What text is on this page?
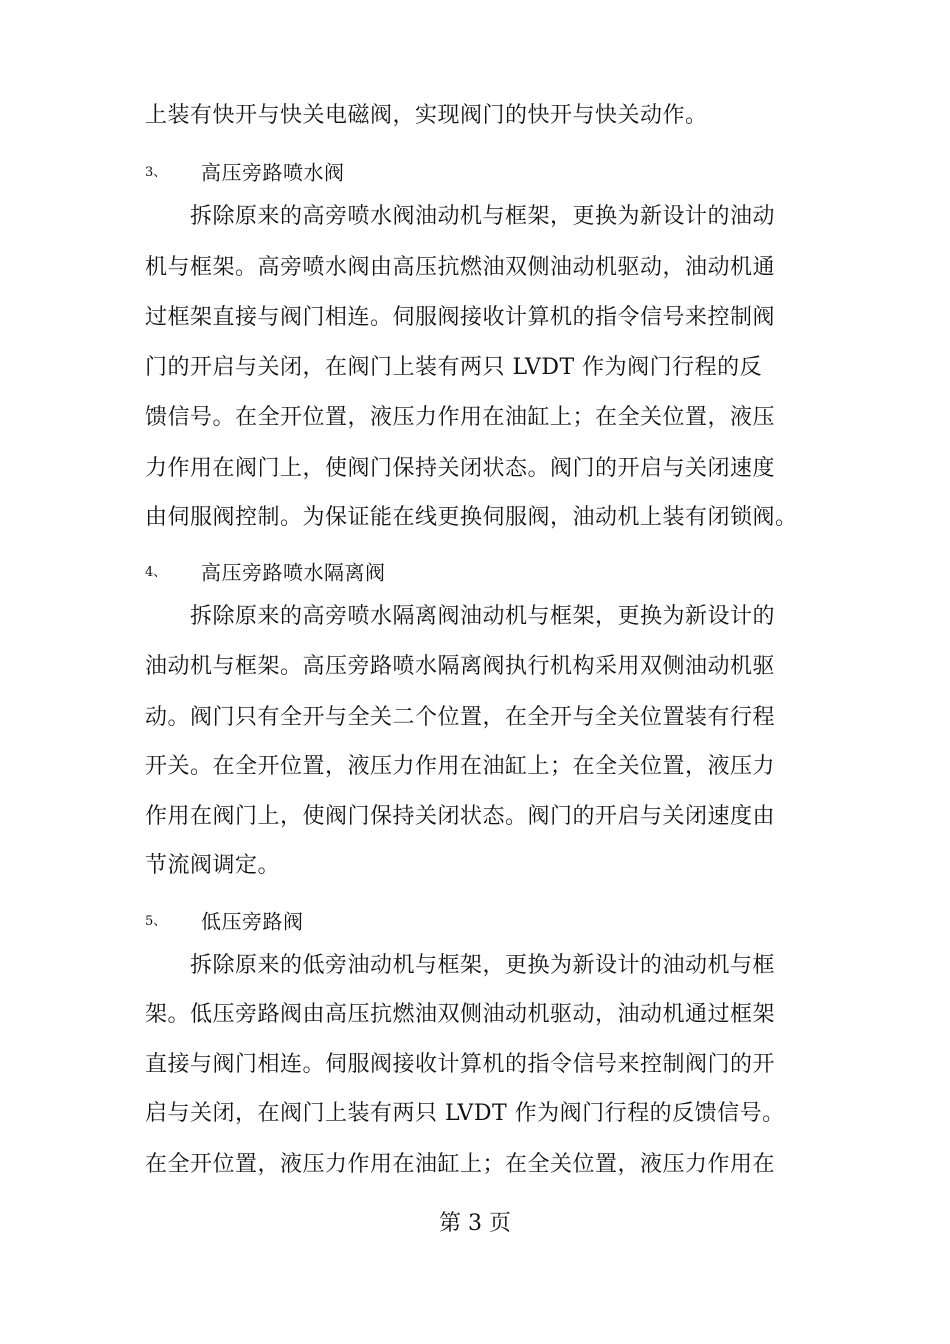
上装有快开与快关电磁阀，实现阀门的快开与快关动作。
3、 高压旁路喷水阀
拆除原来的高旁喷水阀油动机与框架，更换为新设计的油动
机与框架。高旁喷水阀由高压抗燃油双侧油动机驱动，油动机通
过框架直接与阀门相连。伺服阀接收计算机的指令信号来控制阀
门的开启与关闭，在阀门上装有两只 LVDT 作为阀门行程的反
馈信号。在全开位置，液压力作用在油缸上；在全关位置，液压
力作用在阀门上，使阀门保持关闭状态。阀门的开启与关闭速度
由伺服阀控制。为保证能在线更换伺服阀，油动机上装有闭锁阀。
4、 高压旁路喷水隔离阀
拆除原来的高旁喷水隔离阀油动机与框架，更换为新设计的
油动机与框架。高压旁路喷水隔离阀执行机构采用双侧油动机驱
动。阀门只有全开与全关二个位置，在全开与全关位置装有行程
开关。在全开位置，液压力作用在油缸上；在全关位置，液压力
作用在阀门上，使阀门保持关闭状态。阀门的开启与关闭速度由
节流阀调定。
5、 低压旁路阀
拆除原来的低旁油动机与框架，更换为新设计的油动机与框
架。低压旁路阀由高压抗燃油双侧油动机驱动，油动机通过框架
直接与阀门相连。伺服阀接收计算机的指令信号来控制阀门的开
启与关闭，在阀门上装有两只 LVDT 作为阀门行程的反馈信号。
在全开位置，液压力作用在油缸上；在全关位置，液压力作用在
第 3 页
